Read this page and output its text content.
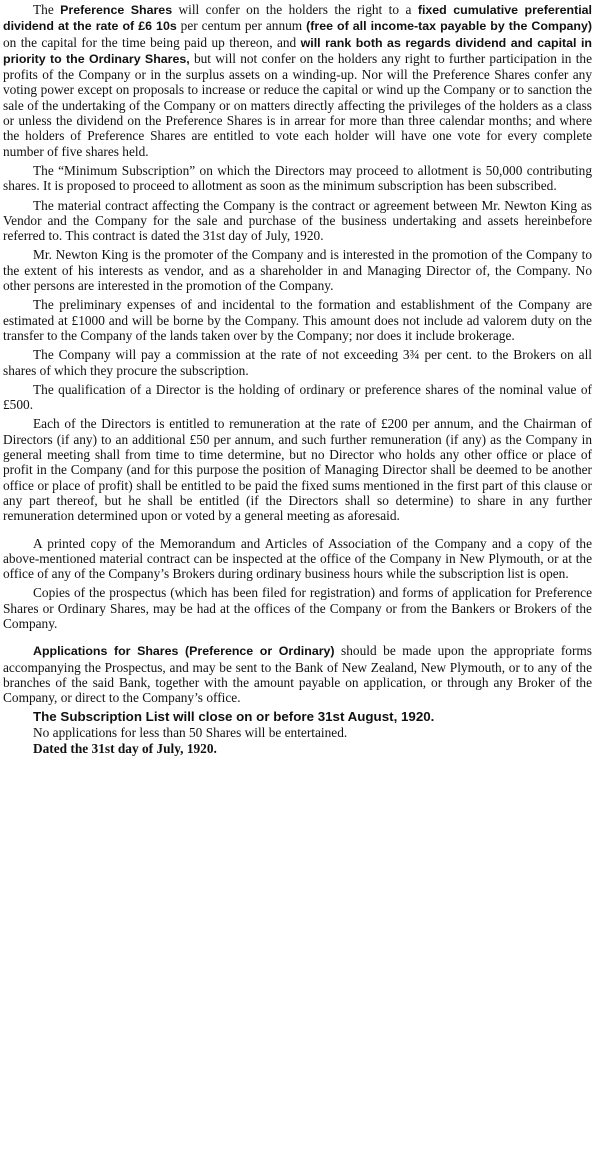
The Preference Shares will confer on the holders the right to a fixed cumulative preferential dividend at the rate of £6 10s per centum per annum (free of all income-tax payable by the Company) on the capital for the time being paid up thereon, and will rank both as regards dividend and capital in priority to the Ordinary Shares, but will not confer on the holders any right to further participation in the profits of the Company or in the surplus assets on a winding-up. Nor will the Preference Shares confer any voting power except on proposals to increase or reduce the capital or wind up the Company or to sanction the sale of the undertaking of the Company or on matters directly affecting the privileges of the holders as a class or unless the dividend on the Preference Shares is in arrear for more than three calendar months; and where the holders of Preference Shares are entitled to vote each holder will have one vote for every complete number of five shares held.

The “Minimum Subscription” on which the Directors may proceed to allotment is 50,000 contributing shares. It is proposed to proceed to allotment as soon as the minimum subscription has been subscribed.

The material contract affecting the Company is the contract or agreement between Mr. Newton King as Vendor and the Company for the sale and purchase of the business undertaking and assets hereinbefore referred to. This contract is dated the 31st day of July, 1920.

Mr. Newton King is the promoter of the Company and is interested in the promotion of the Company to the extent of his interests as vendor, and as a shareholder in and Managing Director of, the Company. No other persons are interested in the promotion of the Company.

The preliminary expenses of and incidental to the formation and establishment of the Company are estimated at £1000 and will be borne by the Company. This amount does not include ad valorem duty on the transfer to the Company of the lands taken over by the Company; nor does it include brokerage.

The Company will pay a commission at the rate of not exceeding 3¾ per cent. to the Brokers on all shares of which they procure the subscription.

The qualification of a Director is the holding of ordinary or preference shares of the nominal value of £500.

Each of the Directors is entitled to remuneration at the rate of £200 per annum, and the Chairman of Directors (if any) to an additional £50 per annum, and such further remuneration (if any) as the Company in general meeting shall from time to time determine, but no Director who holds any other office or place of profit in the Company (and for this purpose the position of Managing Director shall be deemed to be another office or place of profit) shall be entitled to be paid the fixed sums mentioned in the first part of this clause or any part thereof, but he shall be entitled (if the Directors shall so determine) to share in any further remuneration determined upon or voted by a general meeting as aforesaid.

A printed copy of the Memorandum and Articles of Association of the Company and a copy of the above-mentioned material contract can be inspected at the office of the Company in New Plymouth, or at the office of any of the Company’s Brokers during ordinary business hours while the subscription list is open.

Copies of the prospectus (which has been filed for registration) and forms of application for Preference Shares or Ordinary Shares, may be had at the offices of the Company or from the Bankers or Brokers of the Company.

Applications for Shares (Preference or Ordinary) should be made upon the appropriate forms accompanying the Prospectus, and may be sent to the Bank of New Zealand, New Plymouth, or to any of the branches of the said Bank, together with the amount payable on application, or through any Broker of the Company, or direct to the Company’s office.

The Subscription List will close on or before 31st August, 1920.

No applications for less than 50 Shares will be entertained.

Dated the 31st day of July, 1920.
